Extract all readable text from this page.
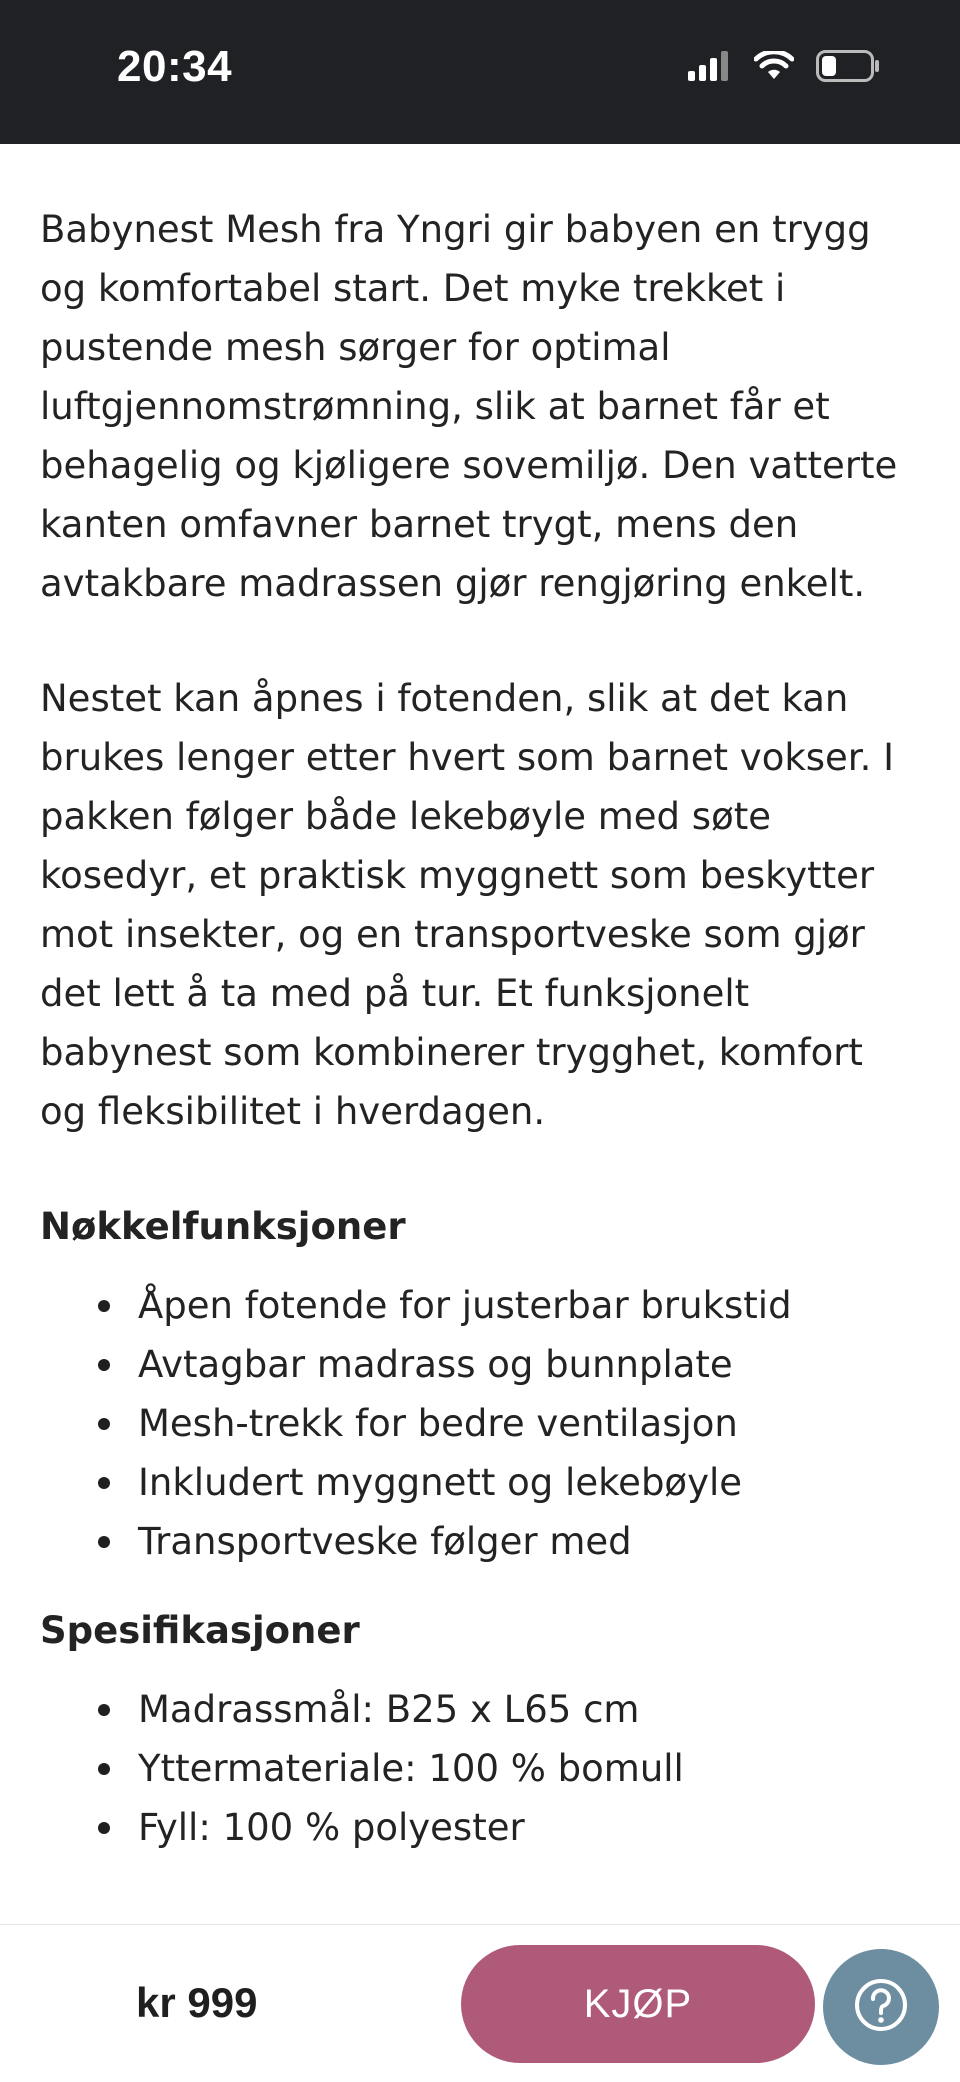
20:34

Babynest Mesh fra Yngri gir babyen en trygg og komfortabel start. Det myke trekket i pustende mesh sørger for optimal luftgjennomstrømning, slik at barnet får et behagelig og kjøligere sovemiljø. Den vatterte kanten omfavner barnet trygt, mens den avtakbare madrassen gjør rengjøring enkelt.

Nestet kan åpnes i fotenden, slik at det kan brukes lenger etter hvert som barnet vokser. I pakken følger både lekebøyle med søte kosedyr, et praktisk myggnett som beskytter mot insekter, og en transportveske som gjør det lett å ta med på tur. Et funksjonelt babynest som kombinerer trygghet, komfort og fleksibilitet i hverdagen.

Nøkkelfunksjoner
Åpen fotende for justerbar brukstid
Avtagbar madrass og bunnplate
Mesh-trekk for bedre ventilasjon
Inkludert myggnett og lekebøyle
Transportveske følger med
Spesifikasjoner
Madrassmål: B25 x L65 cm
Yttermateriale: 100 % bomull
Fyll: 100 % polyester
kr 999	KJØP
